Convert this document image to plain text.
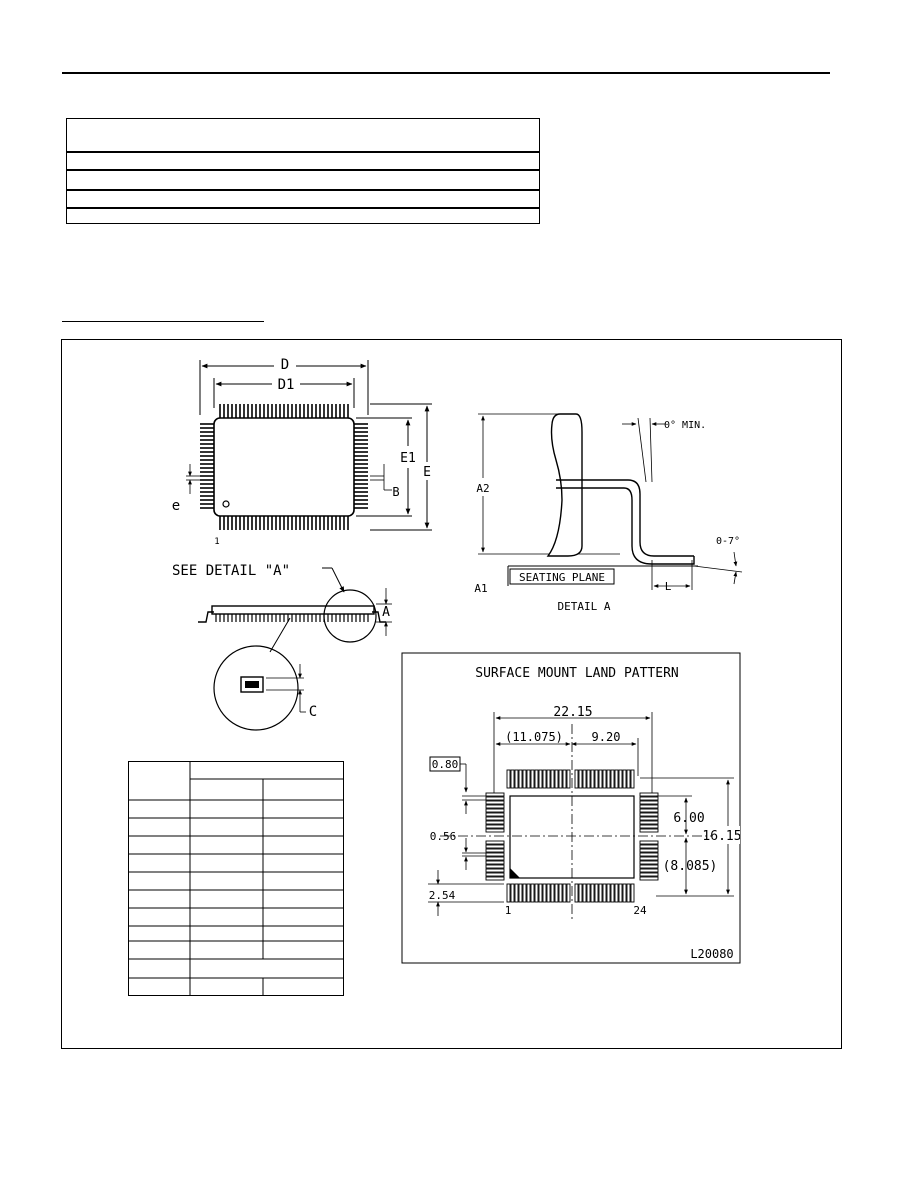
D
D1
1
E1
E
e
B
SEE DETAIL "A"
A
C
A2
A1
SEATING PLANE
L
0° MIN.
0-7°
DETAIL A
SURFACE MOUNT LAND PATTERN
22.15
(11.075) 9.20
0.80
0.56
2.54
1	24
6.00
(8.085)
16.15
L20080
